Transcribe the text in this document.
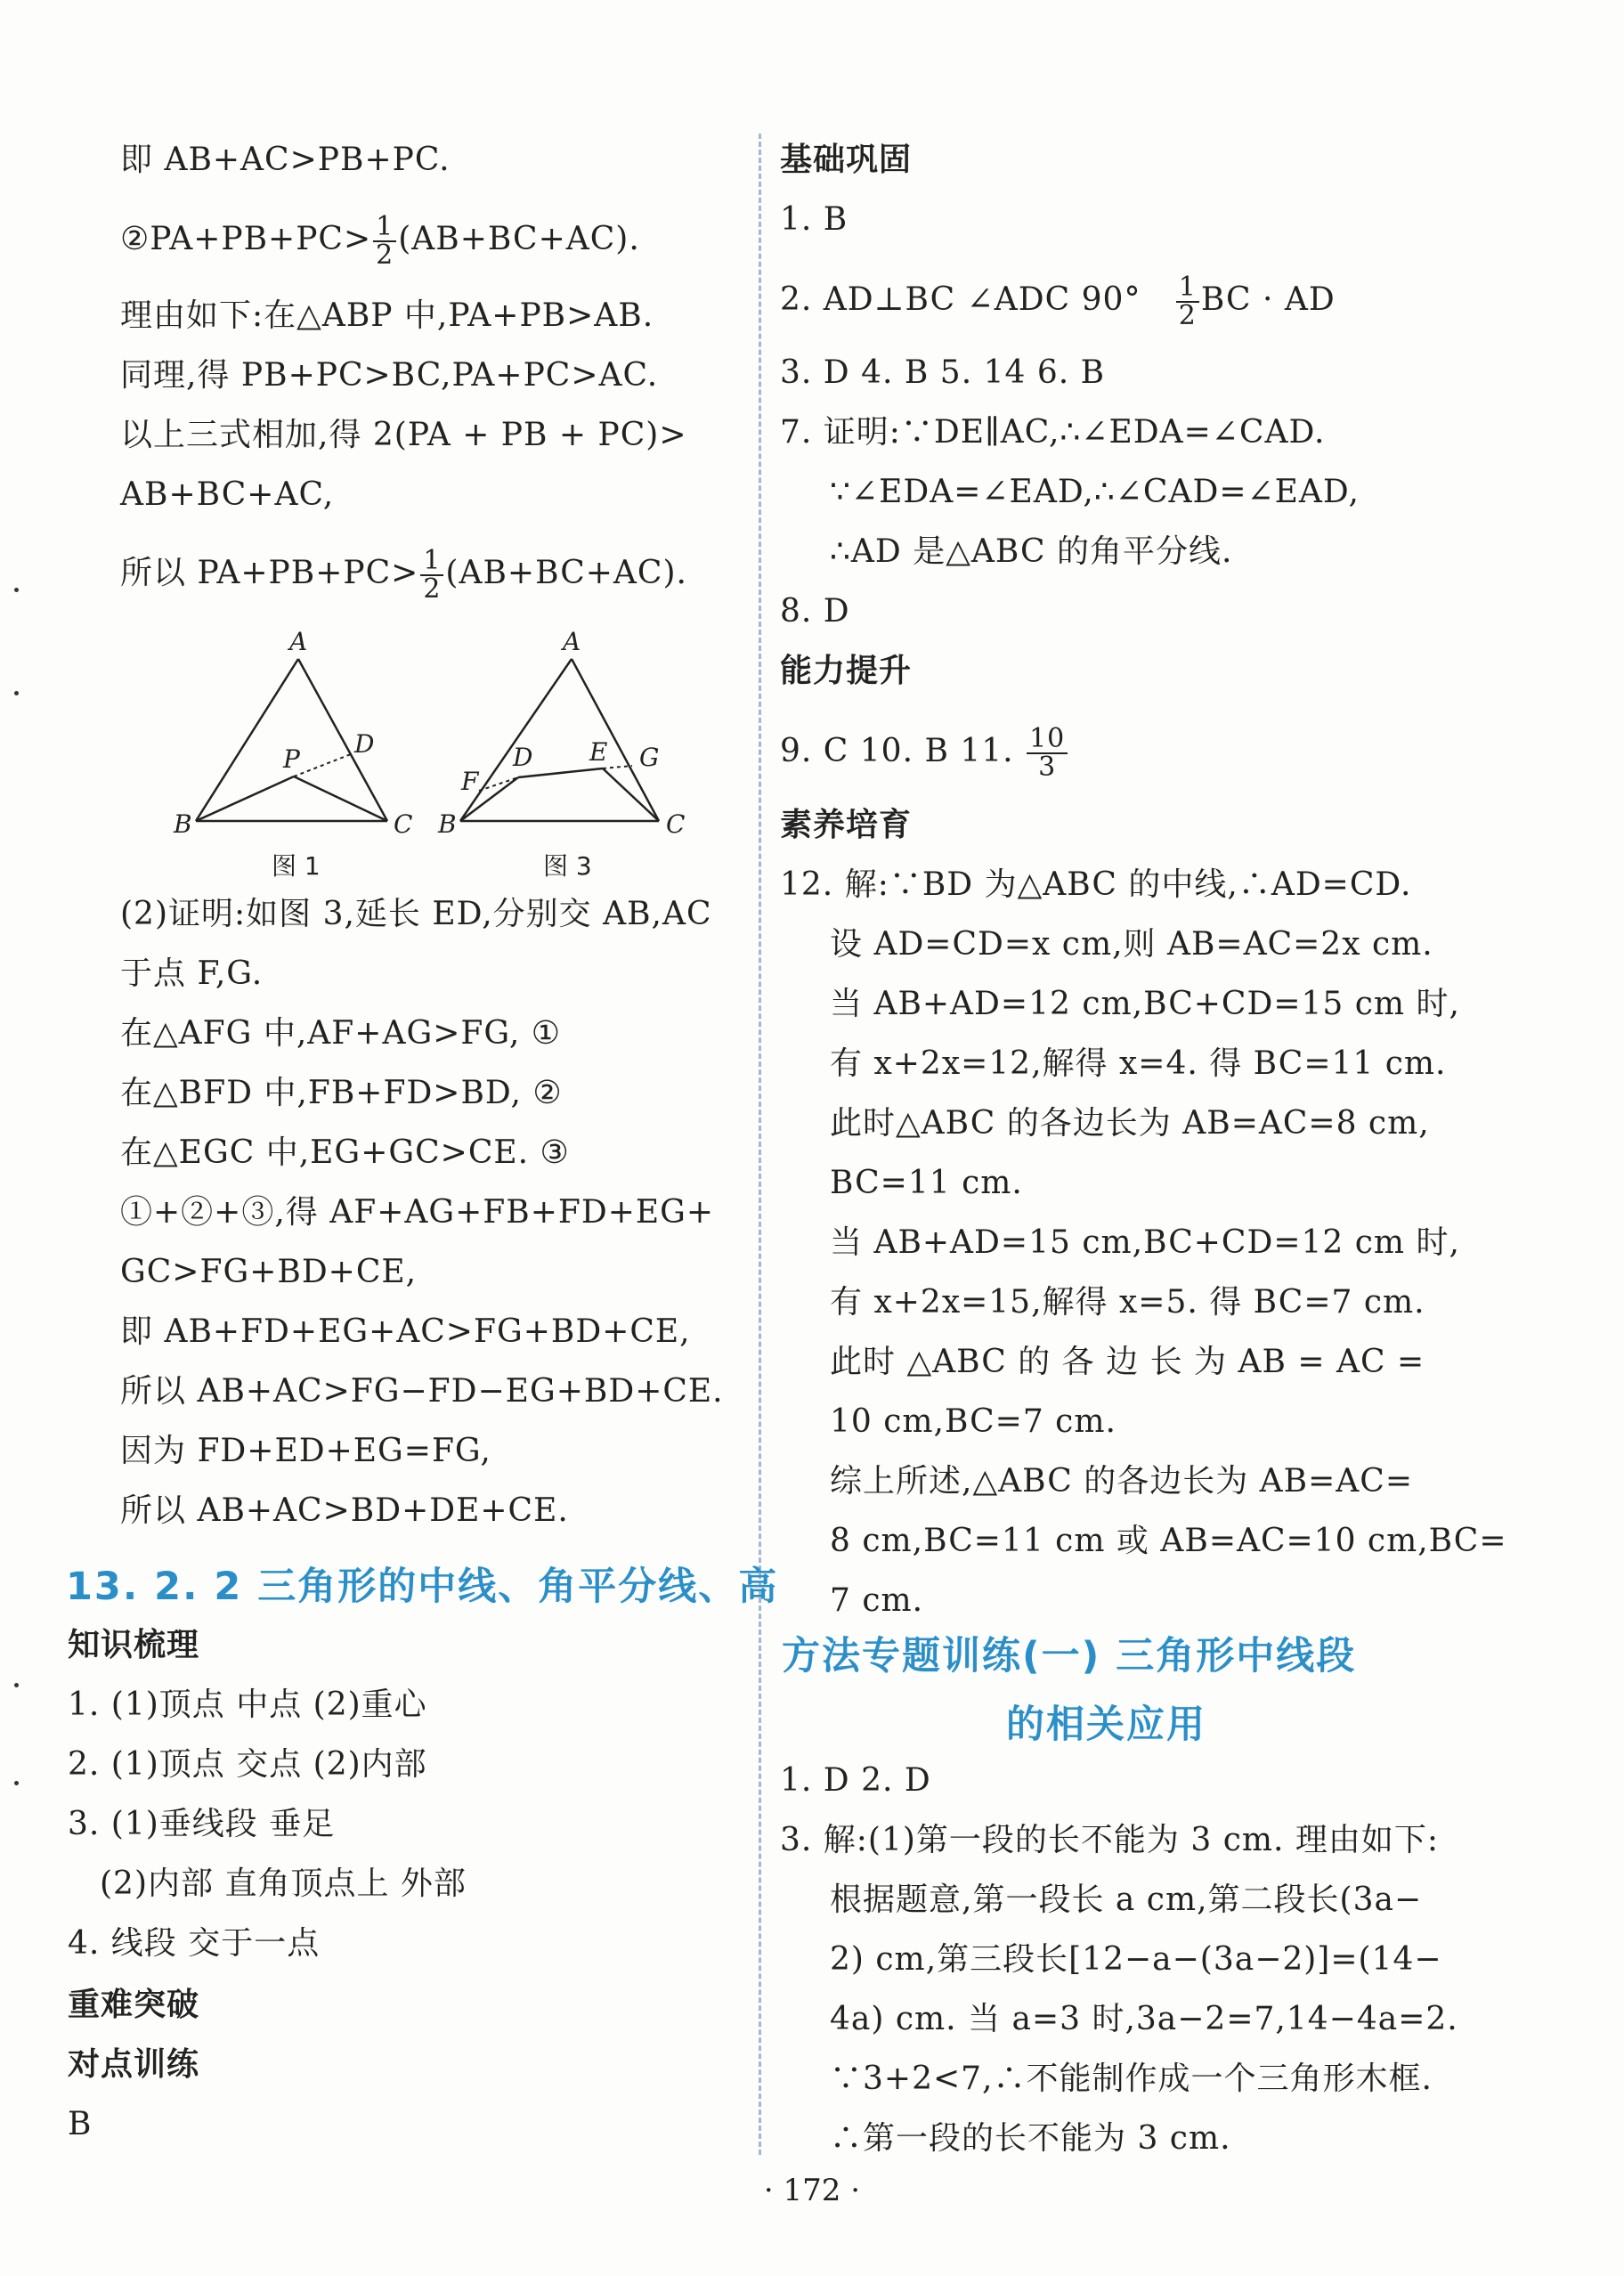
即 AB+AC>PB+PC.
②PA+PB+PC> $\frac{1}{2} (AB+BC+AC)$.
理由如下:在△ABP 中,PA+PB>AB.
同理,得 PB+PC>BC,PA+PC>AC.
以上三式相加,得 2(PA + PB + PC)>
AB+BC+AC,
所以 $PA+PB+PC> \frac{1}{2} (AB+BC+AC)$.
A
B	C
D
P
图 1
A
B	C
D E
F
G
图 3
(2)证明:如图 3,延长 ED,分别交 AB,AC
于点 F,G.
在△AFG 中,AF+AG>FG, ①
在△BFD 中,FB+FD>BD, ②
在△EGC 中,EG+GC>CE. ③
①+②+③,得 AF+AG+FB+FD+EG+
GC>FG+BD+CE,
即 AB+FD+EG+AC>FG+BD+CE,
所以 AB+AC>FG−FD−EG+BD+CE.
因为 FD+ED+EG=FG,
所以 AB+AC>BD+DE+CE.
13. 2. 2 三角形的中线、角平分线、高
知识梳理
1. (1)顶点 中点 (2)重心
2. (1)顶点 交点 (2)内部
3. (1)垂线段 垂足
(2)内部 直角顶点上 外部
4. 线段 交于一点
重难突破
对点训练
B
基础巩固
1. B
2. AD⊥BC ∠ADC $90^\circ \frac{1}{2}$ BC · AD
3. D 4. B 5. 14 6. B
7. 证明:∵DE∥AC,∴∠EDA=∠CAD.
∵∠EDA=∠EAD,∴∠CAD=∠EAD,
∴AD 是△ABC 的角平分线.
8. D
能力提升
9. C 10. B 11. $\frac{10}{3}$
素养培育
12. 解:∵BD 为△ABC 的中线,∴AD=CD.
设 AD=CD=x cm,则 AB=AC=2x cm.
当 AB+AD=12 cm,BC+CD=15 cm 时,
有 x+2x=12,解得 x=4. 得 BC=11 cm.
此时△ABC 的各边长为 AB=AC=8 cm,
BC=11 cm.
当 AB+AD=15 cm,BC+CD=12 cm 时,
有 x+2x=15,解得 x=5. 得 BC=7 cm.
此时 △ABC 的 各 边 长 为 AB = AC =
10 cm,BC=7 cm.
综上所述,△ABC 的各边长为 AB=AC=
8 cm,BC=11 cm 或 AB=AC=10 cm,BC=
7 cm.
方法专题训练(一) 三角形中线段
的相关应用
1. D 2. D
3. 解:(1)第一段的长不能为 3 cm. 理由如下:
根据题意,第一段长 a cm,第二段长(3a−
2) cm,第三段长[12−a−(3a−2)]=(14−
4a) cm. 当 a=3 时,3a−2=7,14−4a=2.
∵3+2<7,∴不能制作成一个三角形木框.
∴第一段的长不能为 3 cm.
· 172 ·
